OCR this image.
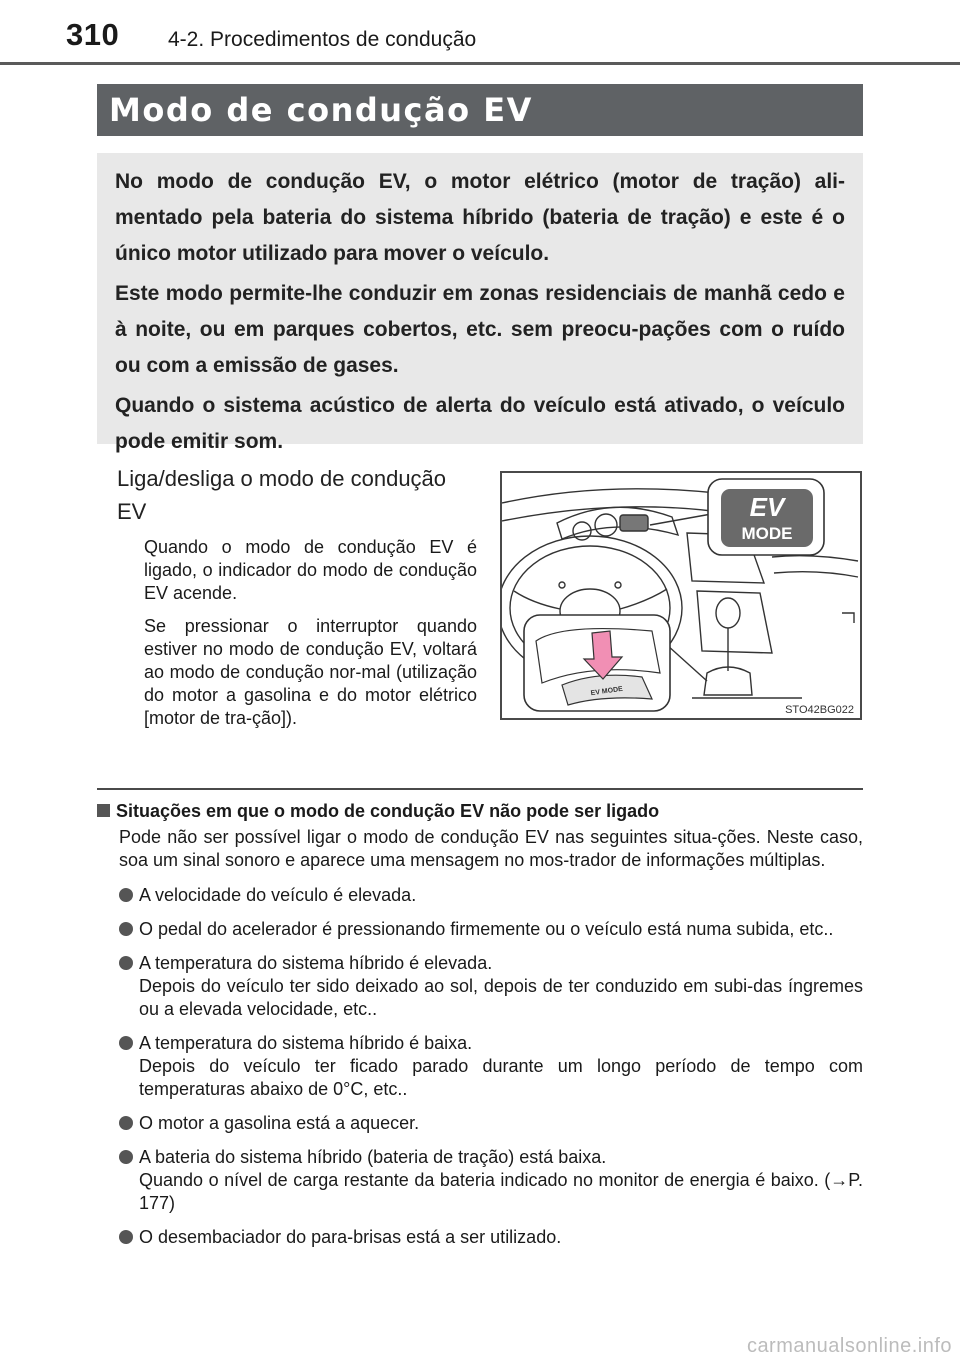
310 4-2. Procedimentos de condução
Modo de condução EV

No modo de condução EV, o motor elétrico (motor de tração) ali-mentado pela bateria do sistema híbrido (bateria de tração) e este é o único motor utilizado para mover o veículo.

Este modo permite-lhe conduzir em zonas residenciais de manhã cedo e à noite, ou em parques cobertos, etc. sem preocu-pações com o ruído ou com a emissão de gases.

Quando o sistema acústico de alerta do veículo está ativado, o veículo pode emitir som.

Liga/desliga o modo de condução EV

Quando o modo de condução EV é ligado, o indicador do modo de condução EV acende.

Se pressionar o interruptor quando estiver no modo de condução EV, voltará ao modo de condução nor-mal (utilização do motor a gasolina e do motor elétrico [motor de tra-ção]).

EV
MODE
EV MODE
STO42BG022
Situações em que o modo de condução EV não pode ser ligado

Pode não ser possível ligar o modo de condução EV nas seguintes situa-ções. Neste caso, soa um sinal sonoro e aparece uma mensagem no mos-trador de informações múltiplas.

A velocidade do veículo é elevada.

O pedal do acelerador é pressionando firmemente ou o veículo está numa subida, etc..

A temperatura do sistema híbrido é elevada.
Depois do veículo ter sido deixado ao sol, depois de ter conduzido em subi-das íngremes ou a elevada velocidade, etc..

A temperatura do sistema híbrido é baixa.
Depois do veículo ter ficado parado durante um longo período de tempo com temperaturas abaixo de 0°C, etc..

O motor a gasolina está a aquecer.

A bateria do sistema híbrido (bateria de tração) está baixa.
Quando o nível de carga restante da bateria indicado no monitor de energia é baixo. (→P. 177)

O desembaciador do para-brisas está a ser utilizado.

carmanualsonline.info
